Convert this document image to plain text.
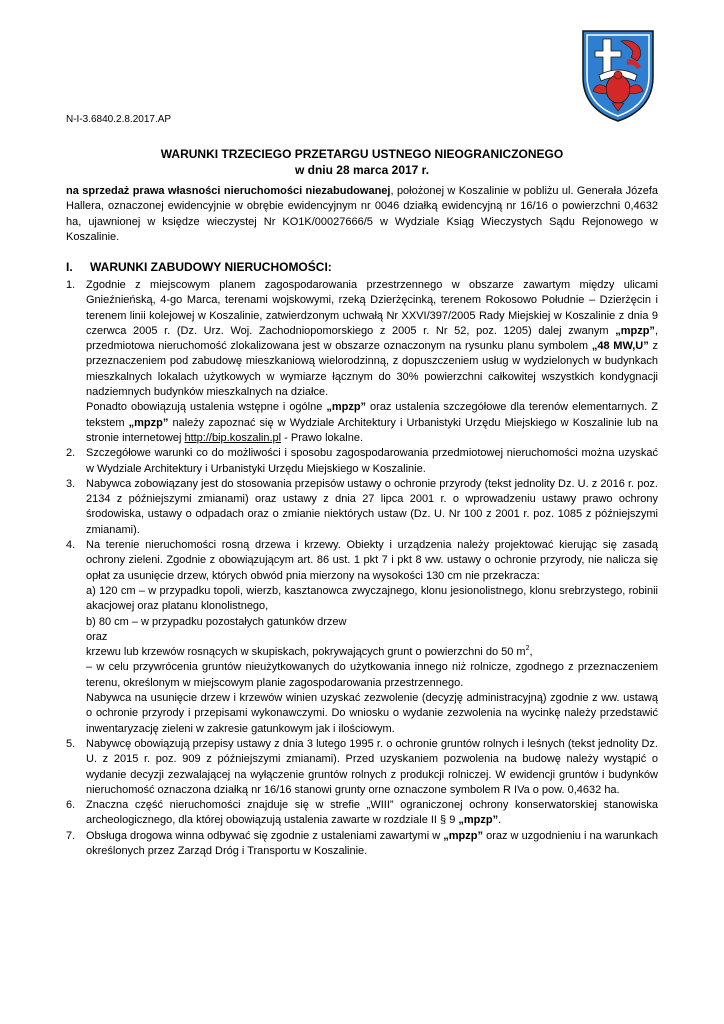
N-I-3.6840.2.8.2017.AP
WARUNKI TRZECIEGO PRZETARGU USTNEGO NIEOGRANICZONEGO
w dniu 28 marca 2017 r.
na sprzedaż prawa własności nieruchomości niezabudowanej, położonej w Koszalinie w pobliżu ul. Generała Józefa Hallera, oznaczonej ewidencyjnie w obrębie ewidencyjnym nr 0046 działką ewidencyjną nr 16/16 o powierzchni 0,4632 ha, ujawnionej w księdze wieczystej Nr KO1K/00027666/5 w Wydziale Ksiąg Wieczystych Sądu Rejonowego w Koszalinie.
I. WARUNKI ZABUDOWY NIERUCHOMOŚCI:
1. Zgodnie z miejscowym planem zagospodarowania przestrzennego w obszarze zawartym między ulicami Gnieźnieńską, 4-go Marca, terenami wojskowymi, rzeką Dzierżęcinką, terenem Rokosowo Południe – Dzierżęcin i terenem linii kolejowej w Koszalinie, zatwierdzonym uchwałą Nr XXVI/397/2005 Rady Miejskiej w Koszalinie z dnia 9 czerwca 2005 r. (Dz. Urz. Woj. Zachodniopomorskiego z 2005 r. Nr 52, poz. 1205) dalej zwanym „mpzp”, przedmiotowa nieruchomość zlokalizowana jest w obszarze oznaczonym na rysunku planu symbolem „48 MW,U” z przeznaczeniem pod zabudowę mieszkaniową wielorodzinną, z dopuszczeniem usług w wydzielonych w budynkach mieszkalnych lokalach użytkowych w wymiarze łącznym do 30% powierzchni całkowitej wszystkich kondygnacji nadziemnych budynków mieszkalnych na działce.
Ponadto obowiązują ustalenia wstępne i ogólne „mpzp” oraz ustalenia szczegółowe dla terenów elementarnych. Z tekstem „mpzp” należy zapoznać się w Wydziale Architektury i Urbanistyki Urzędu Miejskiego w Koszalinie lub na stronie internetowej http://bip.koszalin.pl - Prawo lokalne.
2. Szczegółowe warunki co do możliwości i sposobu zagospodarowania przedmiotowej nieruchomości można uzyskać w Wydziale Architektury i Urbanistyki Urzędu Miejskiego w Koszalinie.
3. Nabywca zobowiązany jest do stosowania przepisów ustawy o ochronie przyrody (tekst jednolity Dz. U. z 2016 r. poz. 2134 z późniejszymi zmianami) oraz ustawy z dnia 27 lipca 2001 r. o wprowadzeniu ustawy prawo ochrony środowiska, ustawy o odpadach oraz o zmianie niektórych ustaw (Dz. U. Nr 100 z 2001 r. poz. 1085 z późniejszymi zmianami).
4. Na terenie nieruchomości rosną drzewa i krzewy. Obiekty i urządzenia należy projektować kierując się zasadą ochrony zieleni. Zgodnie z obowiązującym art. 86 ust. 1 pkt 7 i pkt 8 ww. ustawy o ochronie przyrody, nie nalicza się opłat za usunięcie drzew, których obwód pnia mierzony na wysokości 130 cm nie przekracza:
a) 120 cm – w przypadku topoli, wierzb, kasztanowca zwyczajnego, klonu jesionolistnego, klonu srebrzystego, robinii akacjowej oraz platanu klonolistnego,
b) 80 cm – w przypadku pozostałych gatunków drzew
oraz
krzewu lub krzewów rosnących w skupiskach, pokrywających grunt o powierzchni do 50 $m^2$,
– w celu przywrócenia gruntów nieużytkowanych do użytkowania innego niż rolnicze, zgodnego z przeznaczeniem terenu, określonym w miejscowym planie zagospodarowania przestrzennego.
Nabywca na usunięcie drzew i krzewów winien uzyskać zezwolenie (decyzję administracyjną) zgodnie z ww. ustawą o ochronie przyrody i przepisami wykonawczymi. Do wniosku o wydanie zezwolenia na wycinkę należy przedstawić inwentaryzację zieleni w zakresie gatunkowym jak i ilościowym.
5. Nabywcę obowiązują przepisy ustawy z dnia 3 lutego 1995 r. o ochronie gruntów rolnych i leśnych (tekst jednolity Dz. U. z 2015 r. poz. 909 z późniejszymi zmianami). Przed uzyskaniem pozwolenia na budowę należy wystąpić o wydanie decyzji zezwalającej na wyłączenie gruntów rolnych z produkcji rolniczej. W ewidencji gruntów i budynków nieruchomość oznaczona działką nr 16/16 stanowi grunty orne oznaczone symbolem R IVa o pow. 0,4632 ha.
6. Znaczna część nieruchomości znajduje się w strefie „WIII” ograniczonej ochrony konserwatorskiej stanowiska archeologicznego, dla której obowiązują ustalenia zawarte w rozdziale II § 9 „mpzp”.
7. Obsługa drogowa winna odbywać się zgodnie z ustaleniami zawartymi w „mpzp” oraz w uzgodnieniu i na warunkach określonych przez Zarząd Dróg i Transportu w Koszalinie.
